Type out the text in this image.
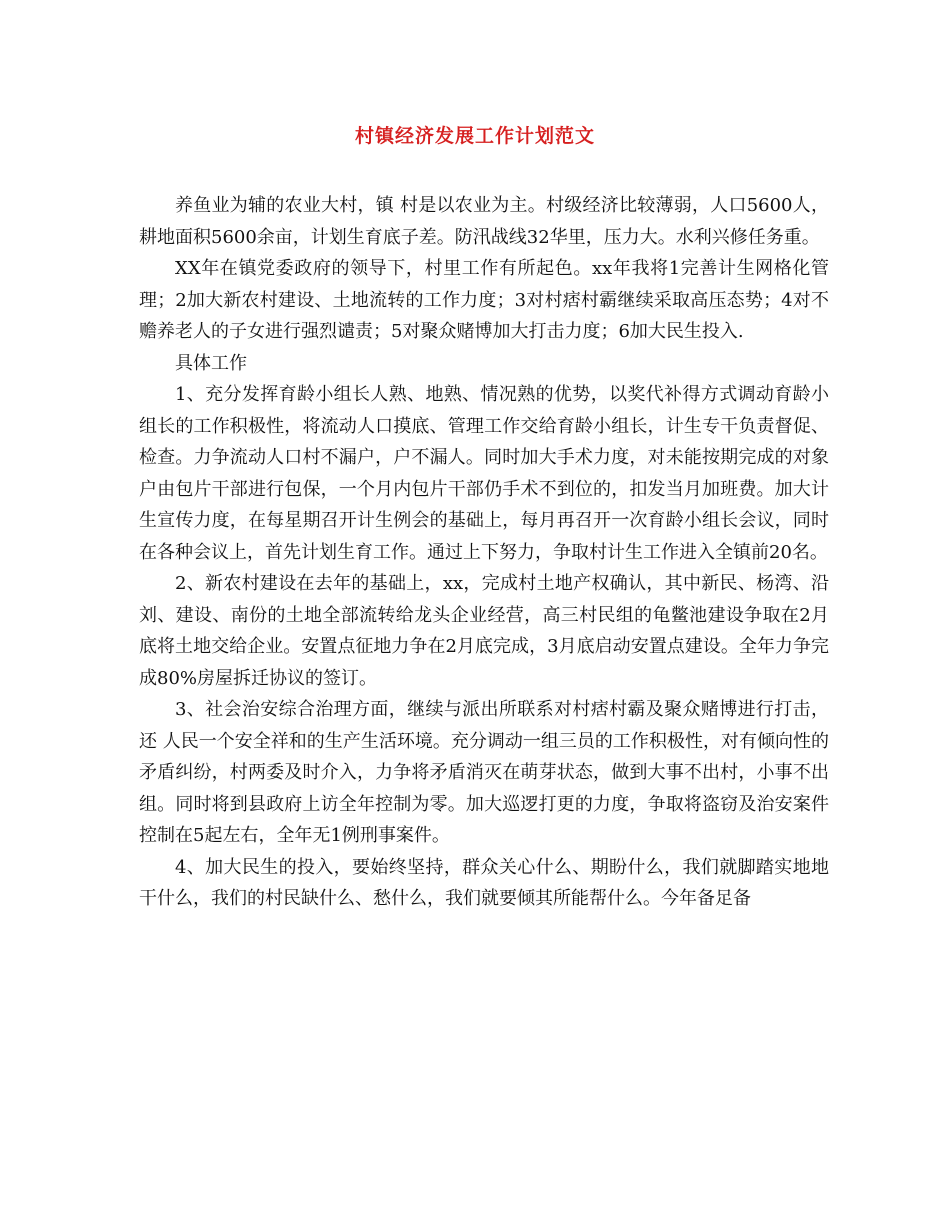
村镇经济发展工作计划范文

养鱼业为辅的农业大村，镇 村是以农业为主。村级经济比较薄弱，人口5600人，耕地面积5600余亩，计划生育底子差。防汛战线32华里，压力大。水利兴修任务重。

XX年在镇党委政府的领导下，村里工作有所起色。xx年我将1完善计生网格化管理；2加大新农村建设、土地流转的工作力度；3对村痞村霸继续采取高压态势；4对不赡养老人的子女进行强烈谴责；5对聚众赌博加大打击力度；6加大民生投入.

具体工作

1、充分发挥育龄小组长人熟、地熟、情况熟的优势，以奖代补得方式调动育龄小组长的工作积极性，将流动人口摸底、管理工作交给育龄小组长，计生专干负责督促、检查。力争流动人口村不漏户，户不漏人。同时加大手术力度，对未能按期完成的对象户由包片干部进行包保，一个月内包片干部仍手术不到位的，扣发当月加班费。加大计生宣传力度，在每星期召开计生例会的基础上，每月再召开一次育龄小组长会议，同时在各种会议上，首先计划生育工作。通过上下努力，争取村计生工作进入全镇前20名。

2、新农村建设在去年的基础上，xx，完成村土地产权确认，其中新民、杨湾、沿刘、建设、南份的土地全部流转给龙头企业经营，高三村民组的龟鳖池建设争取在2月底将土地交给企业。安置点征地力争在2月底完成，3月底启动安置点建设。全年力争完成80%房屋拆迁协议的签订。

3、社会治安综合治理方面，继续与派出所联系对村痞村霸及聚众赌博进行打击，还 人民一个安全祥和的生产生活环境。充分调动一组三员的工作积极性，对有倾向性的矛盾纠纷，村两委及时介入，力争将矛盾消灭在萌芽状态，做到大事不出村，小事不出组。同时将到县政府上访全年控制为零。加大巡逻打更的力度，争取将盗窃及治安案件控制在5起左右，全年无1例刑事案件。

4、加大民生的投入，要始终坚持，群众关心什么、期盼什么，我们就脚踏实地地干什么，我们的村民缺什么、愁什么，我们就要倾其所能帮什么。今年备足备
